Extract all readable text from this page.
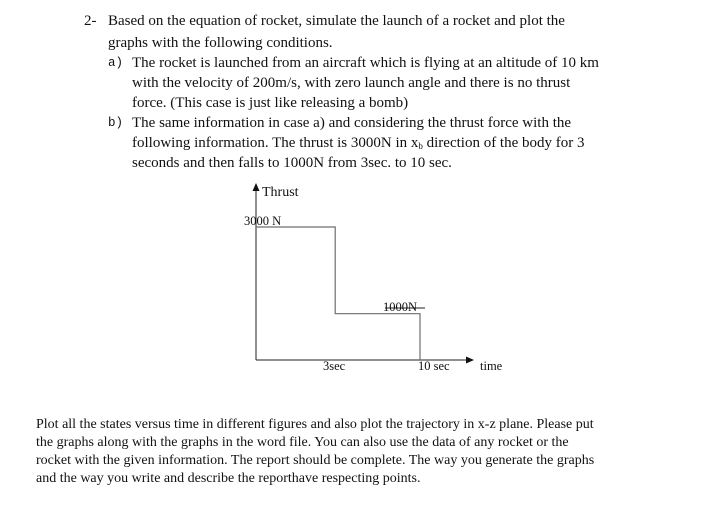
2- Based on the equation of rocket, simulate the launch of a rocket and plot the
graphs with the following conditions.
a) The rocket is launched from an aircraft which is flying at an altitude of 10 km
with the velocity of 200m/s, with zero launch angle and there is no thrust
force. (This case is just like releasing a bomb)
b) The same information in case a) and considering the thrust force with the
following information. The thrust is 3000N in $x_b$ direction of the body for 3
seconds and then falls to 1000N from 3sec. to 10 sec.
Thrust
3000 N
1000N
3sec	10 sec time
Plot all the states versus time in different figures and also plot the trajectory in x-z plane. Please put
the graphs along with the graphs in the word file. You can also use the data of any rocket or the
rocket with the given information. The report should be complete. The way you generate the graphs
and the way you write and describe the reporthave respecting points.
